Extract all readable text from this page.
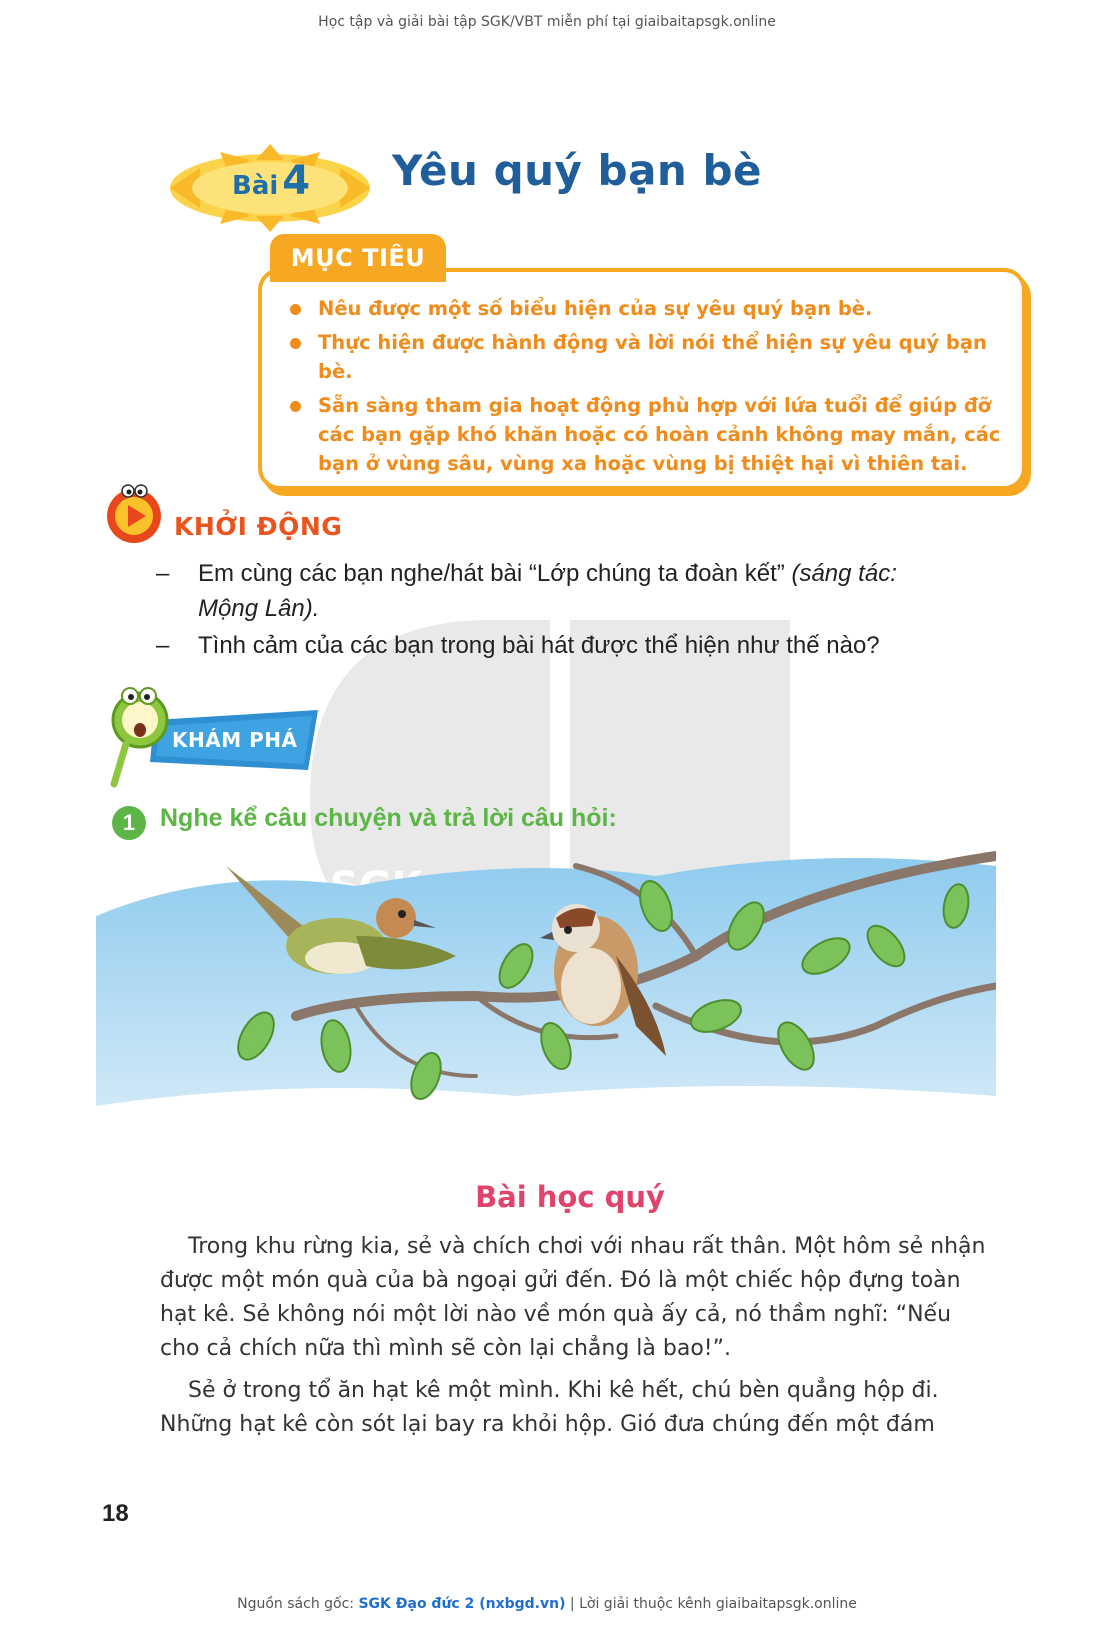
Học tập và giải bài tập SGK/VBT miễn phí tại giaibaitapsgk.online
Bài 4 Yêu quý bạn bè
MỤC TIÊU
Nêu được một số biểu hiện của sự yêu quý bạn bè.
Thực hiện được hành động và lời nói thể hiện sự yêu quý bạn bè.
Sẵn sàng tham gia hoạt động phù hợp với lứa tuổi để giúp đỡ các bạn gặp khó khăn hoặc có hoàn cảnh không may mắn, các bạn ở vùng sâu, vùng xa hoặc vùng bị thiệt hại vì thiên tai.
KHỞI ĐỘNG
– Em cùng các bạn nghe/hát bài “Lớp chúng ta đoàn kết” (sáng tác: Mộng Lân).
– Tình cảm của các bạn trong bài hát được thể hiện như thế nào?
KHÁM PHÁ
1 Nghe kể câu chuyện và trả lời câu hỏi:
Bài học quý

Trong khu rừng kia, sẻ và chích chơi với nhau rất thân. Một hôm sẻ nhận được một món quà của bà ngoại gửi đến. Đó là một chiếc hộp đựng toàn hạt kê. Sẻ không nói một lời nào về món quà ấy cả, nó thầm nghĩ: “Nếu cho cả chích nữa thì mình sẽ còn lại chẳng là bao!”.

Sẻ ở trong tổ ăn hạt kê một mình. Khi kê hết, chú bèn quẳng hộp đi. Những hạt kê còn sót lại bay ra khỏi hộp. Gió đưa chúng đến một đám

18
Nguồn sách gốc: SGK Đạo đức 2 (nxbgd.vn) | Lời giải thuộc kênh giaibaitapsgk.online
